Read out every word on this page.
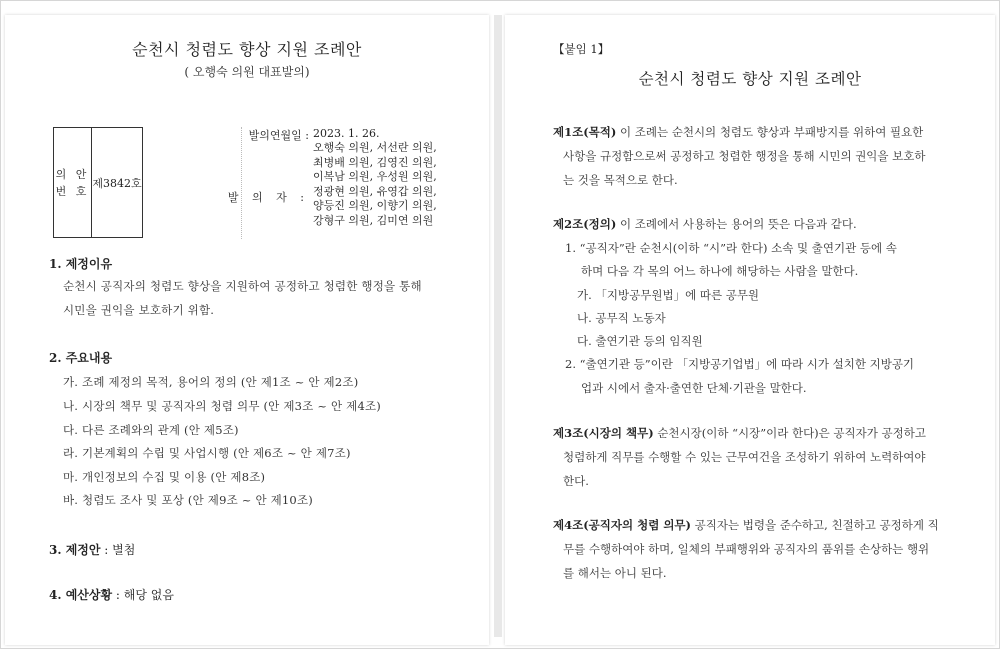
순천시 청렴도 향상 지원 조례안
( 오행숙 의원 대표발의)
의 안
번 호
제3842호
발의연월일 : 2023. 1. 26.
발 의 자 :
오행숙 의원, 서선란 의원,
최병배 의원, 김영진 의원,
이복남 의원, 우성원 의원,
정광현 의원, 유영갑 의원,
양등진 의원, 이향기 의원,
강형구 의원, 김미연 의원
1. 제정이유
순천시 공직자의 청렴도 향상을 지원하여 공정하고 청렴한 행정을 통해
시민을 권익을 보호하기 위함.
2. 주요내용
가. 조례 제정의 목적, 용어의 정의 (안 제1조 ~ 안 제2조)
나. 시장의 책무 및 공직자의 청렴 의무 (안 제3조 ~ 안 제4조)
다. 다른 조례와의 관계 (안 제5조)
라. 기본계획의 수립 및 사업시행 (안 제6조 ~ 안 제7조)
마. 개인정보의 수집 및 이용 (안 제8조)
바. 청렴도 조사 및 포상 (안 제9조 ~ 안 제10조)
3. 제정안 : 별첨
4. 예산상황 : 해당 없음
【붙임 1】
순천시 청렴도 향상 지원 조례안
제1조(목적) 이 조례는 순천시의 청렴도 향상과 부패방지를 위하여 필요한
사항을 규정함으로써 공정하고 청렴한 행정을 통해 시민의 권익을 보호하
는 것을 목적으로 한다.
제2조(정의) 이 조례에서 사용하는 용어의 뜻은 다음과 같다.
1. “공직자”란 순천시(이하 “시”라 한다) 소속 및 출연기관 등에 속
하며 다음 각 목의 어느 하나에 해당하는 사람을 말한다.
가. 「지방공무원법」에 따른 공무원
나. 공무직 노동자
다. 출연기관 등의 임직원
2. “출연기관 등”이란 「지방공기업법」에 따라 시가 설치한 지방공기
업과 시에서 출자·출연한 단체·기관을 말한다.
제3조(시장의 책무) 순천시장(이하 “시장”이라 한다)은 공직자가 공정하고
청렴하게 직무를 수행할 수 있는 근무여건을 조성하기 위하여 노력하여야
한다.
제4조(공직자의 청렴 의무) 공직자는 법령을 준수하고, 친절하고 공정하게 직
무를 수행하여야 하며, 일체의 부패행위와 공직자의 품위를 손상하는 행위
를 해서는 아니 된다.
